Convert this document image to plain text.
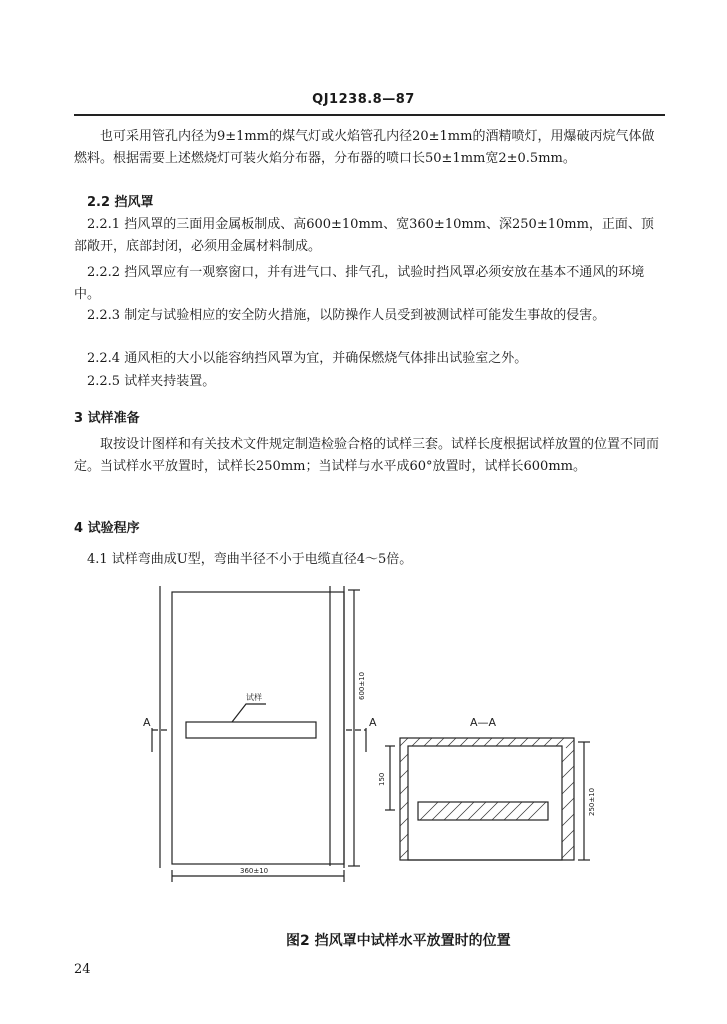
QJ1238.8—87
也可采用管孔内径为9±1mm的煤气灯或火焰管孔内径20±1mm的酒精喷灯，用爆破丙烷气体做燃料。根据需要上述燃烧灯可装火焰分布器，分布器的喷口长50±1mm宽2±0.5mm。
2.2 挡风罩
2.2.1 挡风罩的三面用金属板制成、高600±10mm、宽360±10mm、深250±10mm，正面、顶部敞开，底部封闭，必须用金属材料制成。
2.2.2 挡风罩应有一观察窗口，并有进气口、排气孔，试验时挡风罩必须安放在基本不通风的环境中。
2.2.3 制定与试验相应的安全防火措施，以防操作人员受到被测试样可能发生事故的侵害。
2.2.4 通风柜的大小以能容纳挡风罩为宜，并确保燃烧气体排出试验室之外。
2.2.5 试样夹持装置。
3 试样准备
取按设计图样和有关技术文件规定制造检验合格的试样三套。试样长度根据试样放置的位置不同而定。当试样水平放置时，试样长250mm；当试样与水平成60°放置时，试样长600mm。
4 试验程序
4.1 试样弯曲成U型，弯曲半径不小于电缆直径4～5倍。
A	A
试样
A—A
600±10
360±10
150
250±10
图2 挡风罩中试样水平放置时的位置
24
